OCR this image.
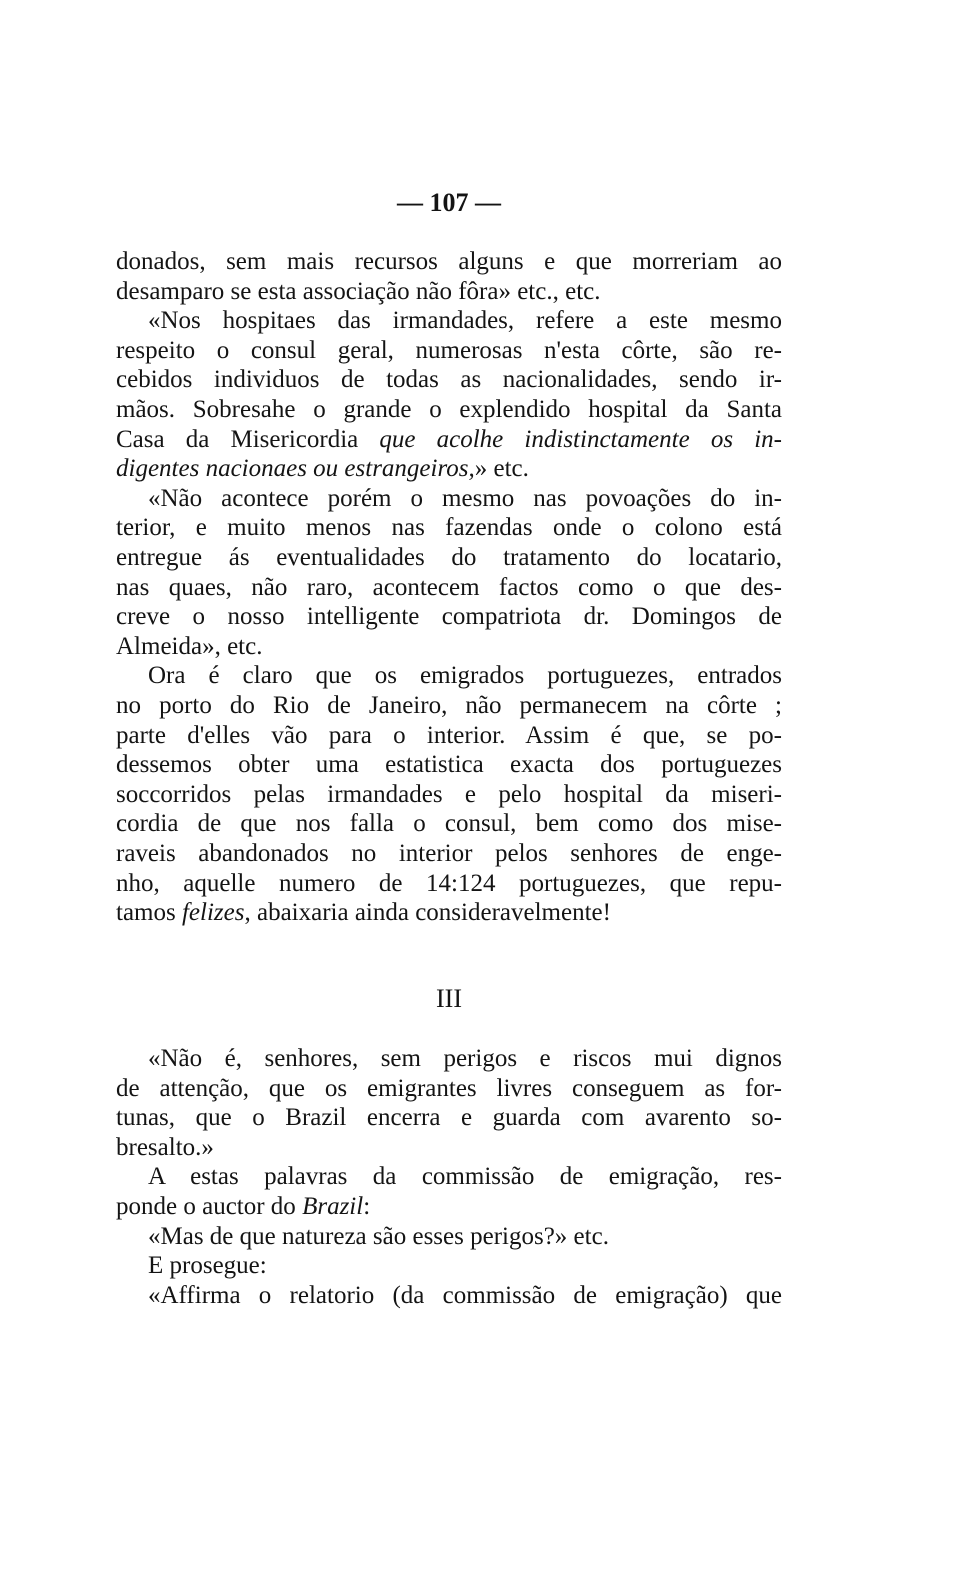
— 107 —
III
donados, sem mais recursos alguns e que morreriam ao
desamparo se esta associação não fôra» etc., etc.
«Nos hospitaes das irmandades, refere a este mesmo
respeito o consul geral, numerosas n'esta côrte, são re-
cebidos individuos de todas as nacionalidades, sendo ir-
mãos. Sobresahe o grande o explendido hospital da Santa
Casa da Misericordia que acolhe indistinctamente os in-
digentes nacionaes ou estrangeiros,» etc.
«Não acontece porém o mesmo nas povoações do in-
terior, e muito menos nas fazendas onde o colono está
entregue ás eventualidades do tratamento do locatario,
nas quaes, não raro, acontecem factos como o que des-
creve o nosso intelligente compatriota dr. Domingos de
Almeida», etc.
Ora é claro que os emigrados portuguezes, entrados
no porto do Rio de Janeiro, não permanecem na côrte ;
parte d'elles vão para o interior. Assim é que, se po-
dessemos obter uma estatistica exacta dos portuguezes
soccorridos pelas irmandades e pelo hospital da miseri-
cordia de que nos falla o consul, bem como dos mise-
raveis abandonados no interior pelos senhores de enge-
nho, aquelle numero de 14:124 portuguezes, que repu-
tamos felizes, abaixaria ainda consideravelmente!
«Não é, senhores, sem perigos e riscos mui dignos
de attenção, que os emigrantes livres conseguem as for-
tunas, que o Brazil encerra e guarda com avarento so-
bresalto.»
A estas palavras da commissão de emigração, res-
ponde o auctor do Brazil:
«Mas de que natureza são esses perigos?» etc.
E prosegue:
«Affirma o relatorio (da commissão de emigração) que
